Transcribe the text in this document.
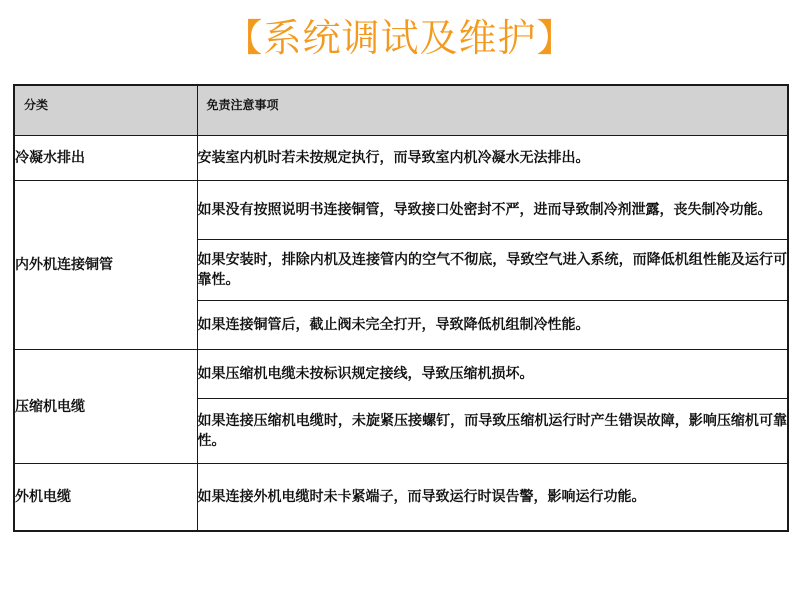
【系统调试及维护】
分类	免责注意事项

冷凝水排出	安装室内机时若未按规定执行，而导致室内机冷凝水无法排出。
内外机连接铜管	如果没有按照说明书连接铜管，导致接口处密封不严，进而导致制冷剂泄露，丧失制冷功能。
	如果安装时，排除内机及连接管内的空气不彻底，导致空气进入系统，而降低机组性能及运行可靠性。
	如果连接铜管后，截止阀未完全打开，导致降低机组制冷性能。
压缩机电缆	如果压缩机电缆未按标识规定接线，导致压缩机损坏。
	如果连接压缩机电缆时，未旋紧压接螺钉，而导致压缩机运行时产生错误故障，影响压缩机可靠性。
外机电缆	如果连接外机电缆时未卡紧端子，而导致运行时误告警，影响运行功能。
